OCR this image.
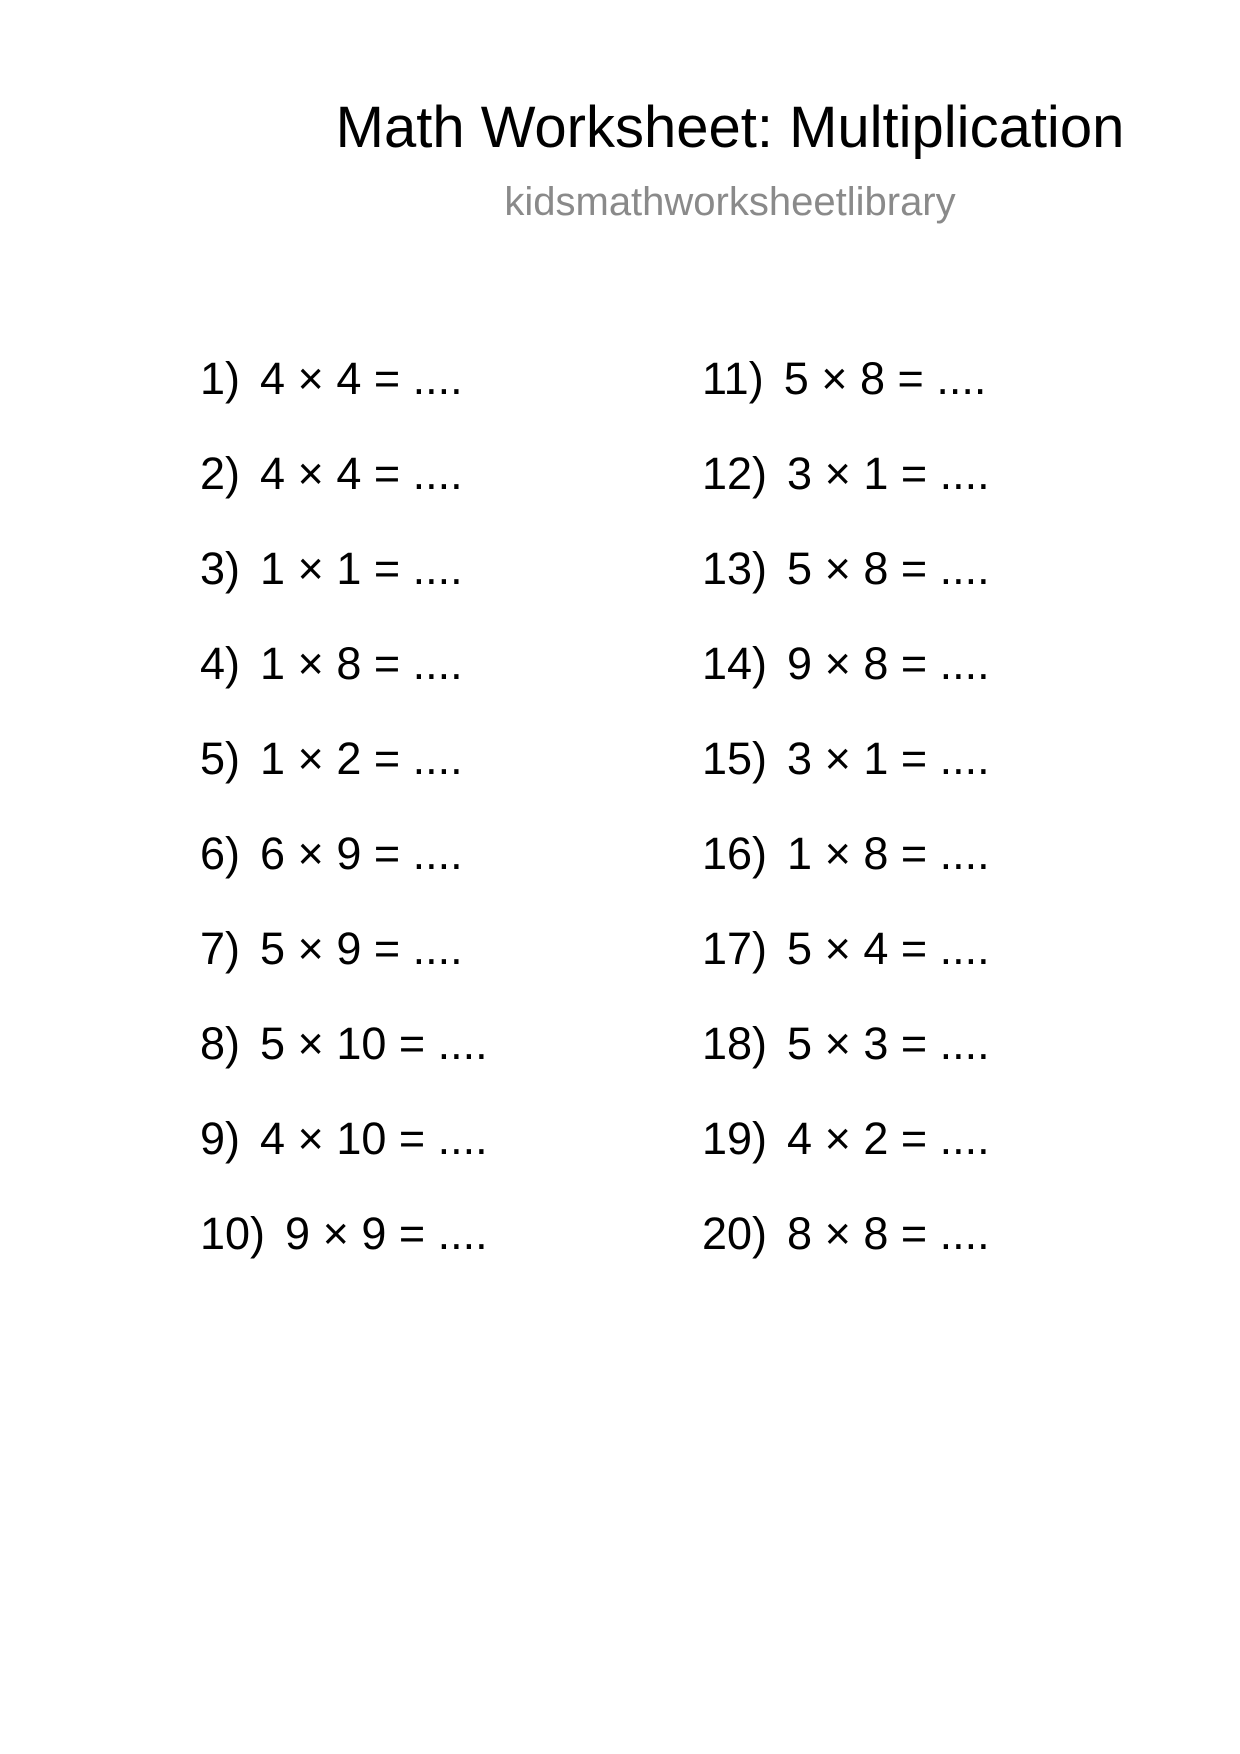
Math Worksheet: Multiplication
kidsmathworksheetlibrary
1) 4 × 4 = ....
2) 4 × 4 = ....
3) 1 × 1 = ....
4) 1 × 8 = ....
5) 1 × 2 = ....
6) 6 × 9 = ....
7) 5 × 9 = ....
8) 5 × 10 = ....
9) 4 × 10 = ....
10) 9 × 9 = ....
11) 5 × 8 = ....
12) 3 × 1 = ....
13) 5 × 8 = ....
14) 9 × 8 = ....
15) 3 × 1 = ....
16) 1 × 8 = ....
17) 5 × 4 = ....
18) 5 × 3 = ....
19) 4 × 2 = ....
20) 8 × 8 = ....
